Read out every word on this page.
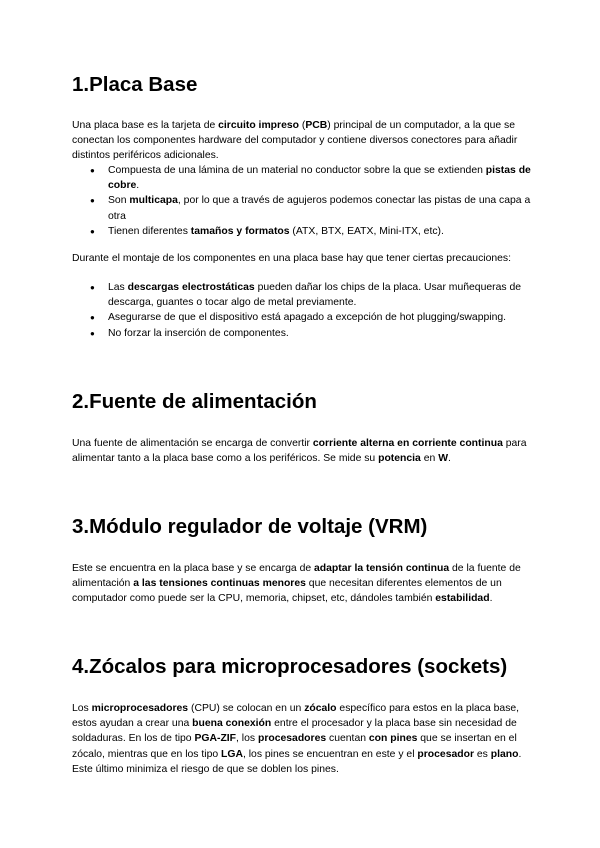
1.Placa Base

Una placa base es la tarjeta de circuito impreso (PCB) principal de un computador, a la que se conectan los componentes hardware del computador y contiene diversos conectores para añadir distintos periféricos adicionales.

● Compuesta de una lámina de un material no conductor sobre la que se extienden pistas de cobre.
● Son multicapa, por lo que a través de agujeros podemos conectar las pistas de una capa a otra
● Tienen diferentes tamaños y formatos (ATX, BTX, EATX, Mini-ITX, etc).

Durante el montaje de los componentes en una placa base hay que tener ciertas precauciones:

● Las descargas electrostáticas pueden dañar los chips de la placa. Usar muñequeras de descarga, guantes o tocar algo de metal previamente.
● Asegurarse de que el dispositivo está apagado a excepción de hot plugging/swapping.
● No forzar la inserción de componentes.
2.Fuente de alimentación

Una fuente de alimentación se encarga de convertir corriente alterna en corriente continua para alimentar tanto a la placa base como a los periféricos. Se mide su potencia en W.

3.Módulo regulador de voltaje (VRM)

Este se encuentra en la placa base y se encarga de adaptar la tensión continua de la fuente de alimentación a las tensiones continuas menores que necesitan diferentes elementos de un computador como puede ser la CPU, memoria, chipset, etc, dándoles también estabilidad.

4.Zócalos para microprocesadores (sockets)

Los microprocesadores (CPU) se colocan en un zócalo específico para estos en la placa base, estos ayudan a crear una buena conexión entre el procesador y la placa base sin necesidad de soldaduras. En los de tipo PGA-ZIF, los procesadores cuentan con pines que se insertan en el zócalo, mientras que en los tipo LGA, los pines se encuentran en este y el procesador es plano. Este último minimiza el riesgo de que se doblen los pines.
